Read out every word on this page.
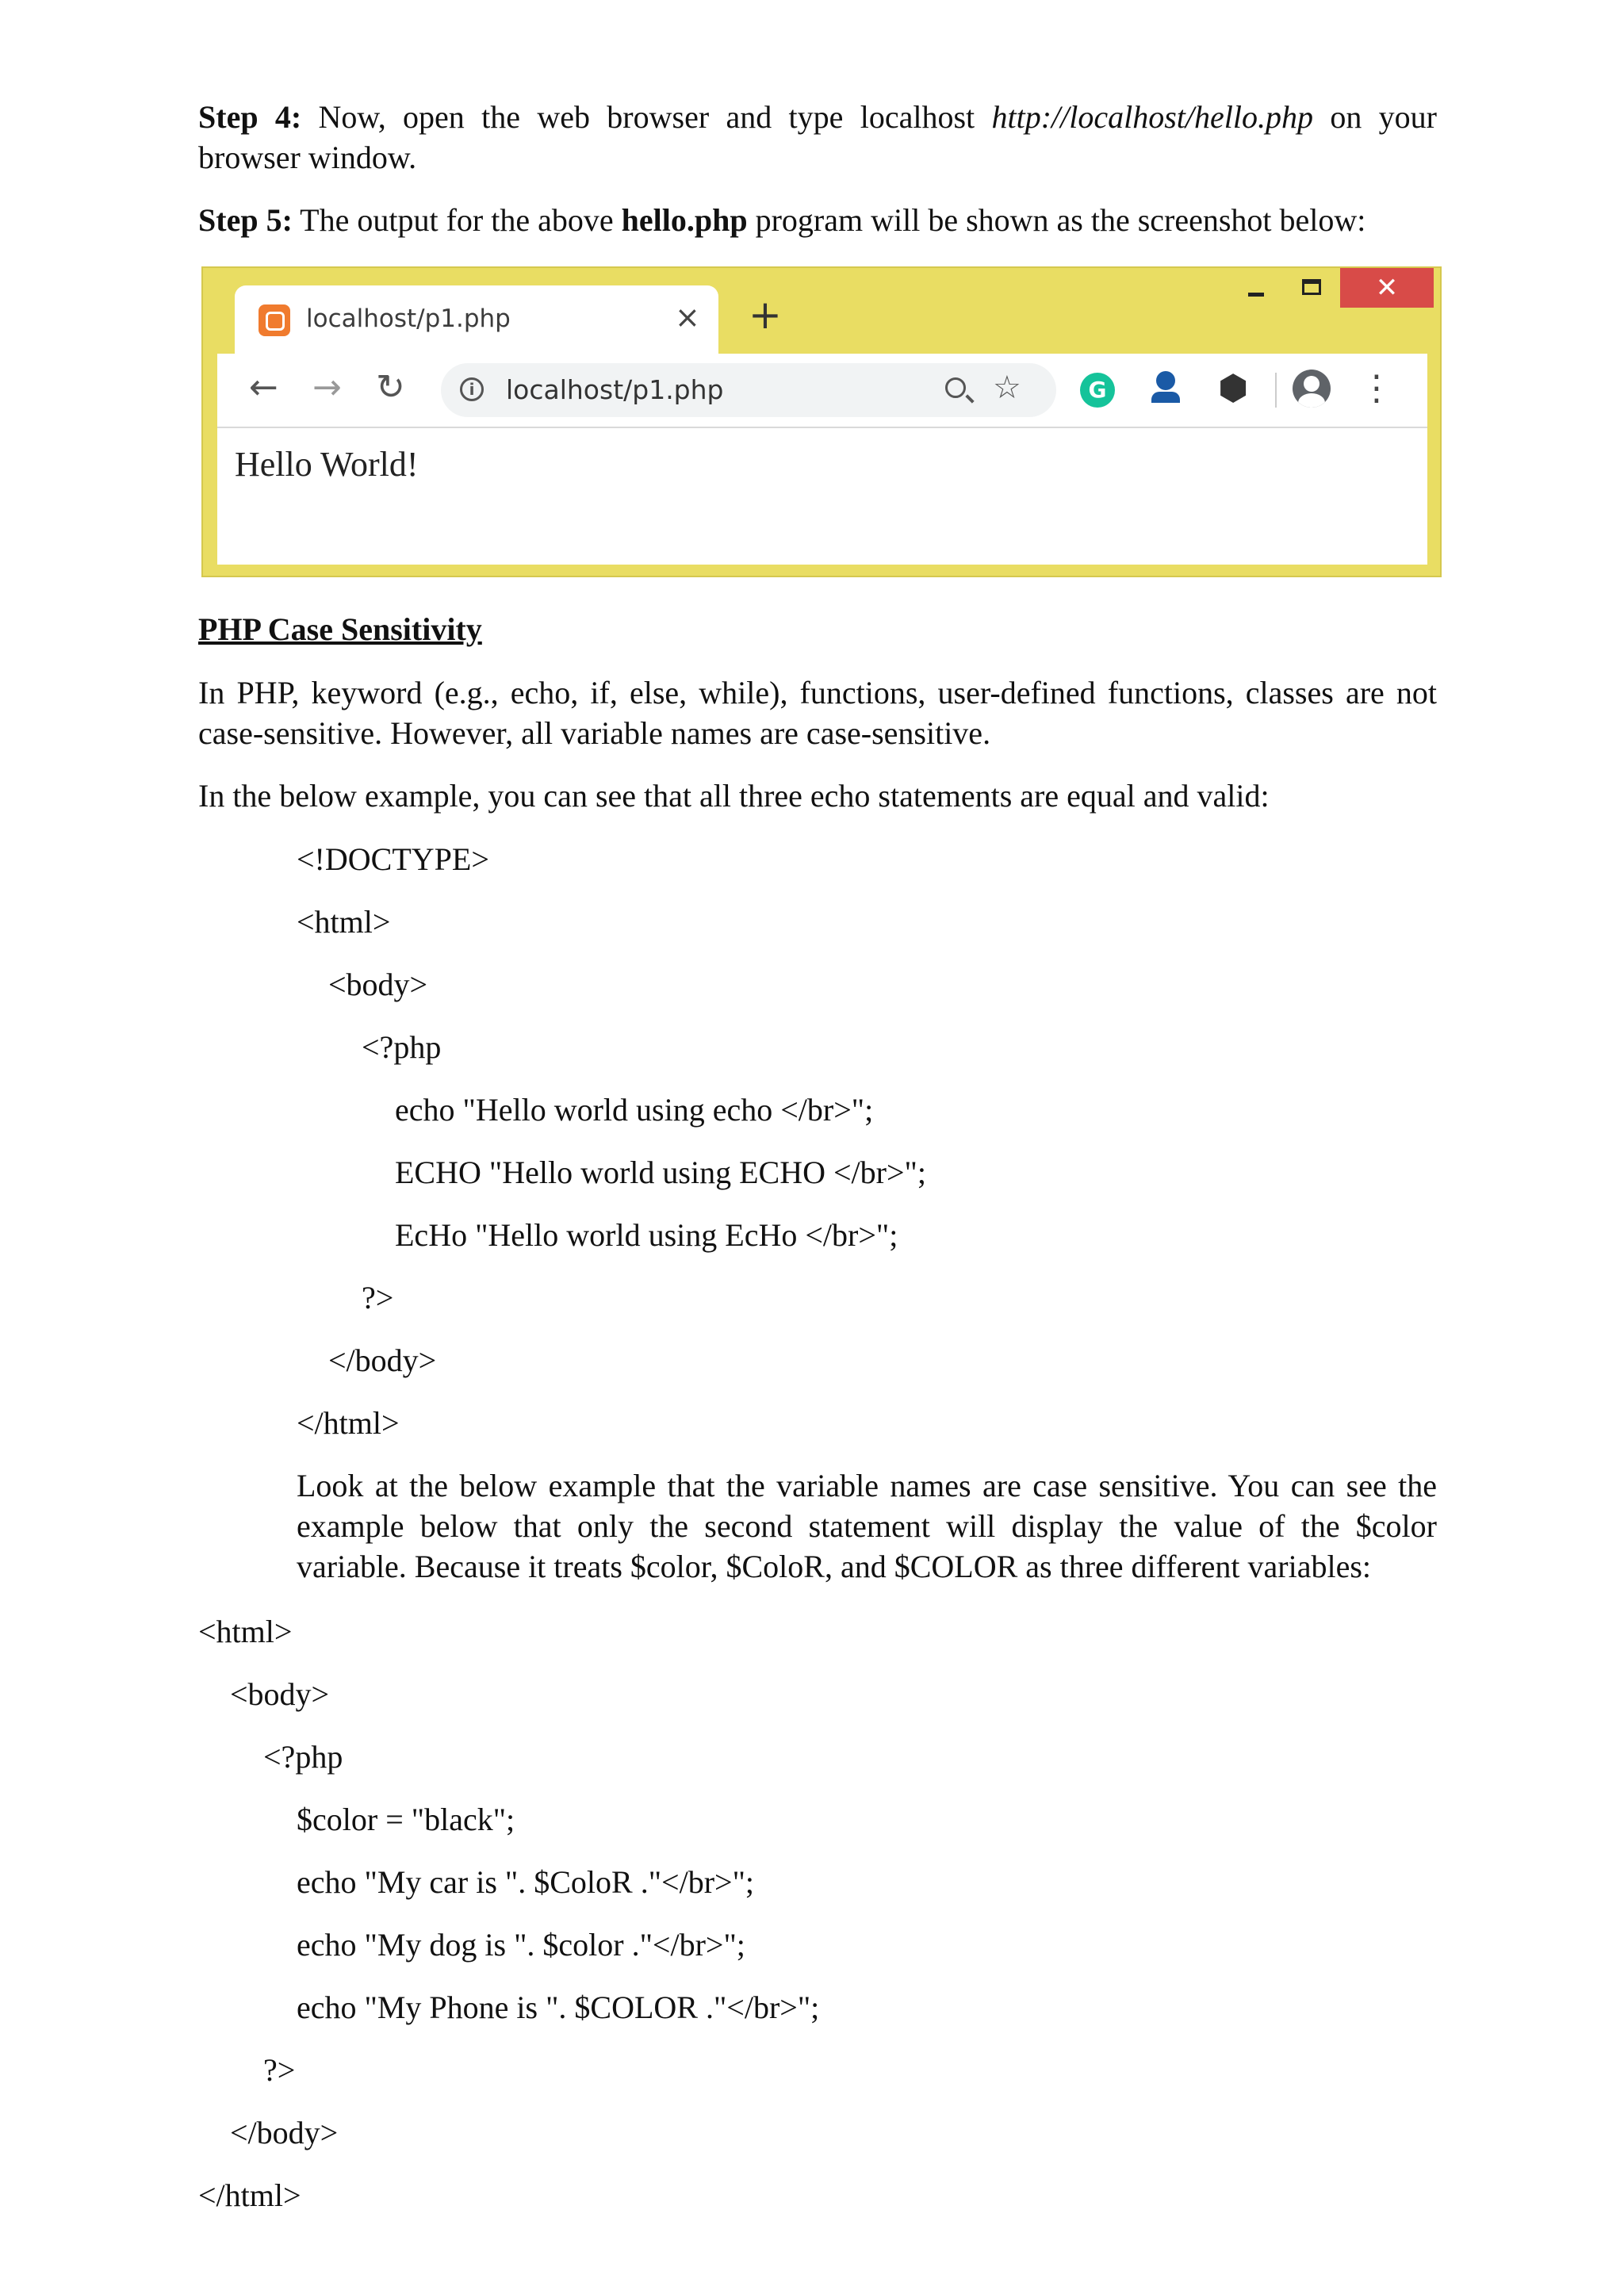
Step 4: Now, open the web browser and type localhost http://localhost/hello.php on your browser window.

Step 5: The output for the above hello.php program will be shown as the screenshot below:

localhost/p1.php	× +
✕
← → ↻	i	localhost/p1.php	☆	G	⬢	⋮
Hello World!

PHP Case Sensitivity

In PHP, keyword (e.g., echo, if, else, while), functions, user-defined functions, classes are not case-sensitive. However, all variable names are case-sensitive.

In the below example, you can see that all three echo statements are equal and valid:

<!DOCTYPE>

<html>

<body>

<?php

echo "Hello world using echo </br>";

ECHO "Hello world using ECHO </br>";

EcHo "Hello world using EcHo </br>";

?>

</body>

</html>

Look at the below example that the variable names are case sensitive. You can see the example below that only the second statement will display the value of the $color variable. Because it treats $color, $ColoR, and $COLOR as three different variables:

<html>

<body>

<?php

$color = "black";

echo "My car is ". $ColoR ."</br>";

echo "My dog is ". $color ."</br>";

echo "My Phone is ". $COLOR ."</br>";

?>

</body>

</html>
